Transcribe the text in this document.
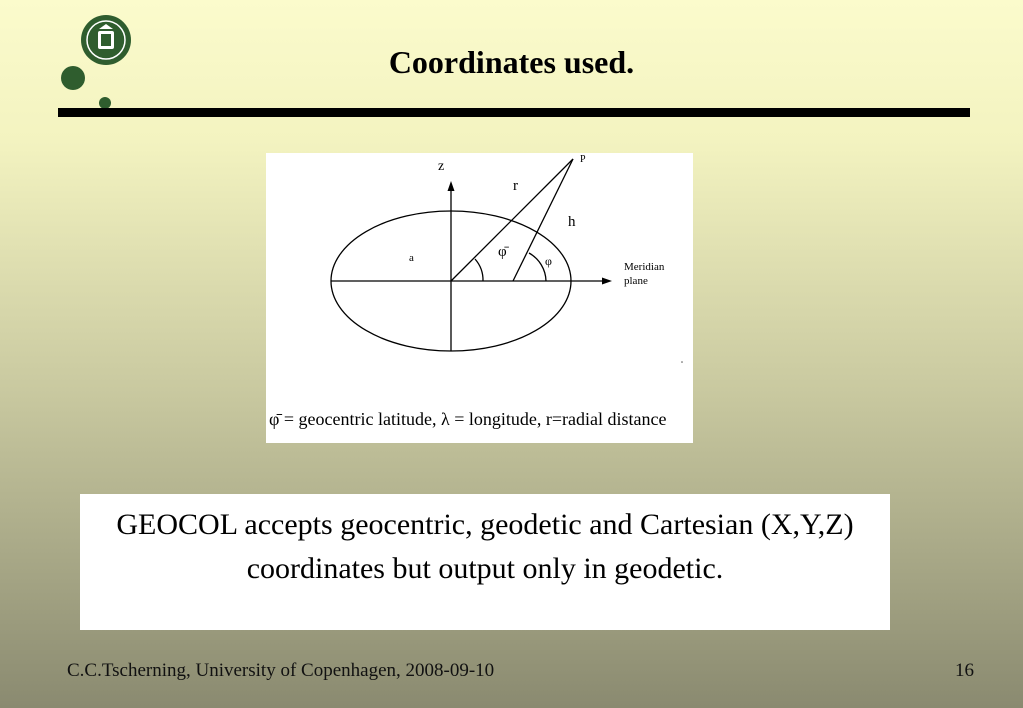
Coordinates used.
z	P
r
h
a	φ̄
φ	Meridian
plane
φ̄ = geocentric latitude, λ = longitude, r=radial distance
GEOCOL accepts geocentric, geodetic and Cartesian (X,Y,Z) coordinates but output only in geodetic.
C.C.Tscherning, University of Copenhagen, 2008-09-10	16
